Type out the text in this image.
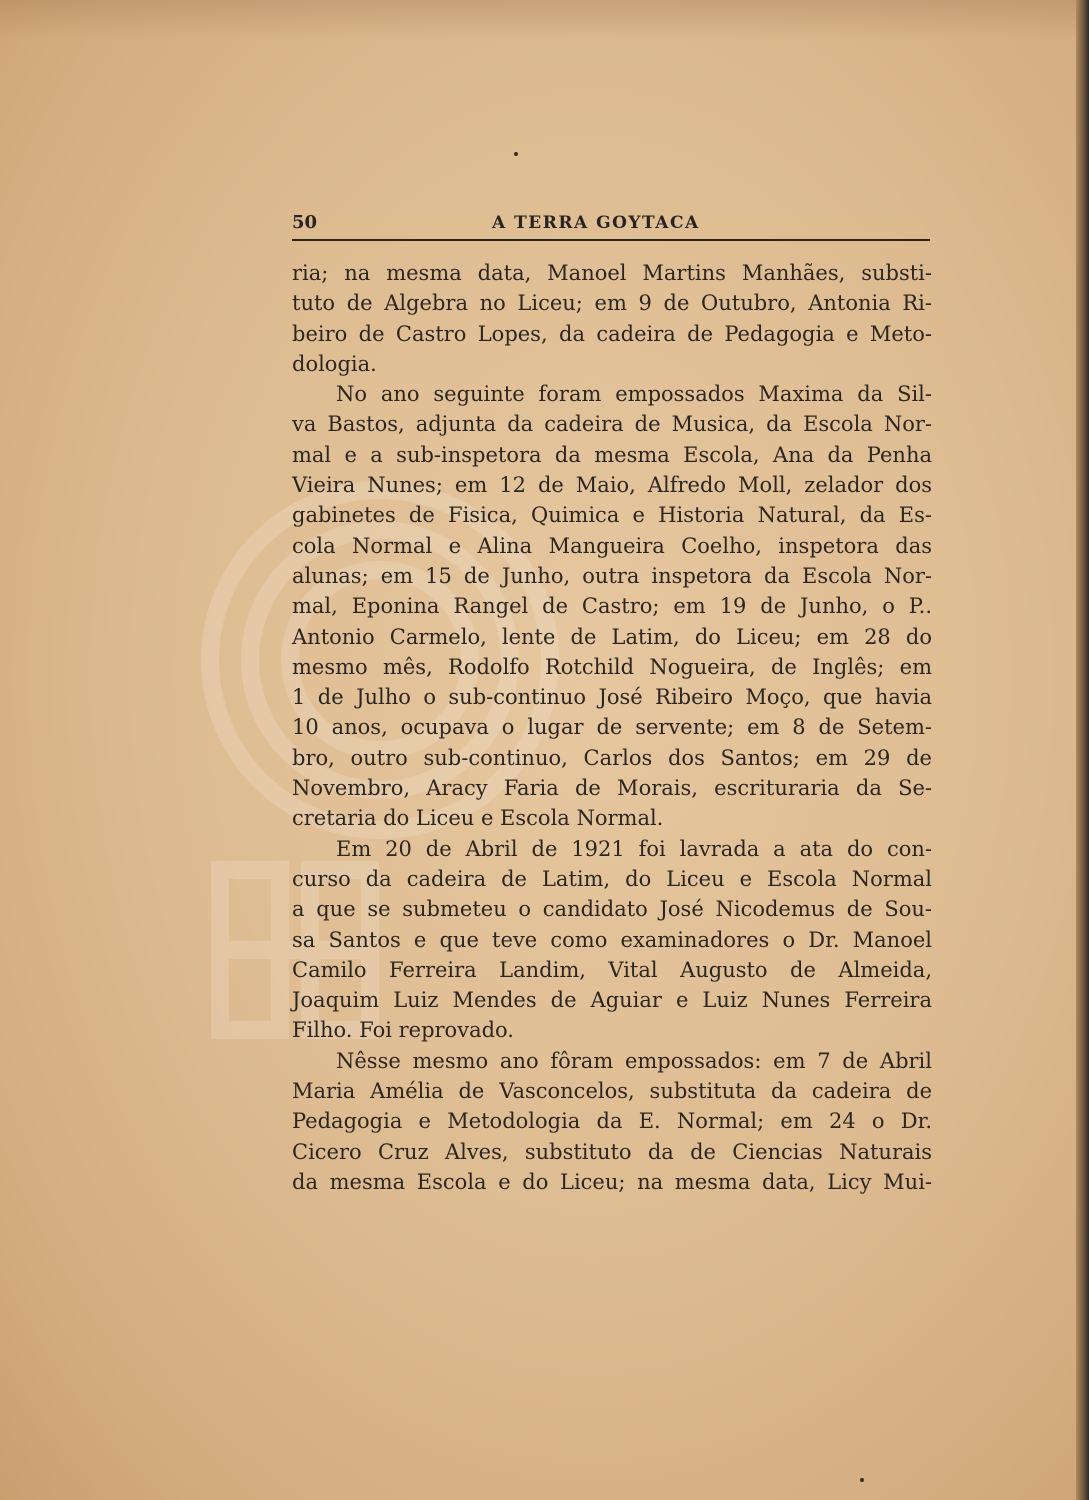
50	A TERRA GOYTACA
ria; na mesma data, Manoel Martins Manhães, substi-
tuto de Algebra no Liceu; em 9 de Outubro, Antonia Ri-
beiro de Castro Lopes, da cadeira de Pedagogia e Meto-
dologia.
No ano seguinte foram empossados Maxima da Sil-
va Bastos, adjunta da cadeira de Musica, da Escola Nor-
mal e a sub-inspetora da mesma Escola, Ana da Penha
Vieira Nunes; em 12 de Maio, Alfredo Moll, zelador dos
gabinetes de Fisica, Quimica e Historia Natural, da Es-
cola Normal e Alina Mangueira Coelho, inspetora das
alunas; em 15 de Junho, outra inspetora da Escola Nor-
mal, Eponina Rangel de Castro; em 19 de Junho, o P..
Antonio Carmelo, lente de Latim, do Liceu; em 28 do
mesmo mês, Rodolfo Rotchild Nogueira, de Inglês; em
1 de Julho o sub-continuo José Ribeiro Moço, que havia
10 anos, ocupava o lugar de servente; em 8 de Setem-
bro, outro sub-continuo, Carlos dos Santos; em 29 de
Novembro, Aracy Faria de Morais, escrituraria da Se-
cretaria do Liceu e Escola Normal.
Em 20 de Abril de 1921 foi lavrada a ata do con-
curso da cadeira de Latim, do Liceu e Escola Normal
a que se submeteu o candidato José Nicodemus de Sou-
sa Santos e que teve como examinadores o Dr. Manoel
Camilo Ferreira Landim, Vital Augusto de Almeida,
Joaquim Luiz Mendes de Aguiar e Luiz Nunes Ferreira
Filho. Foi reprovado.
Nêsse mesmo ano fôram empossados: em 7 de Abril
Maria Amélia de Vasconcelos, substituta da cadeira de
Pedagogia e Metodologia da E. Normal; em 24 o Dr.
Cicero Cruz Alves, substituto da de Ciencias Naturais
da mesma Escola e do Liceu; na mesma data, Licy Mui-
